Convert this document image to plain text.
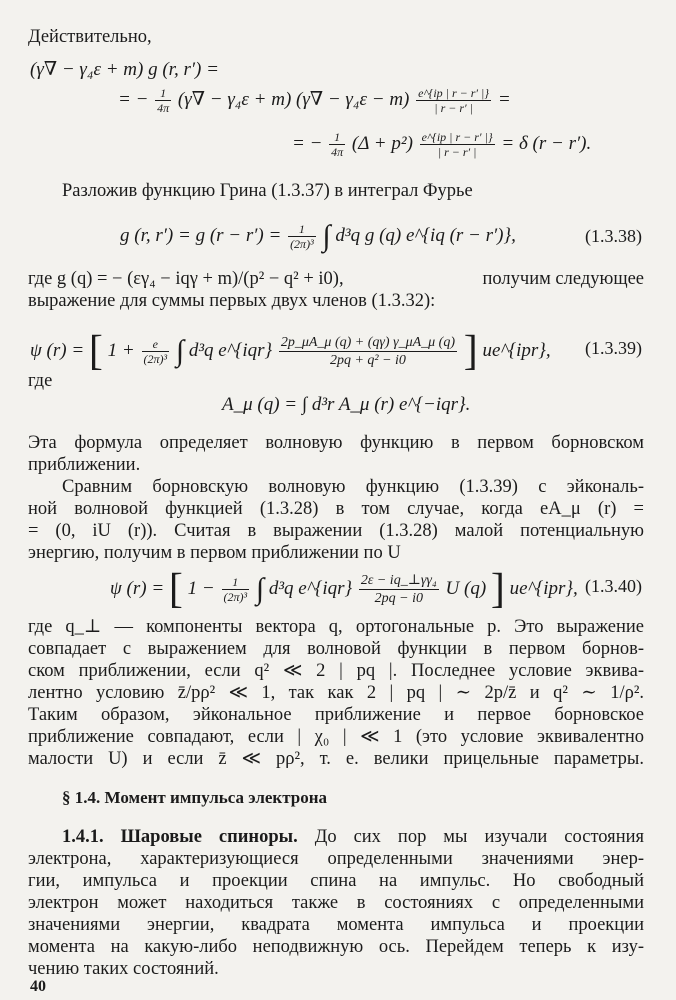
Действительно,
(γ∇ − γ₄ε + m) g (r, r′) =
= − $\frac{1}{4\pi} (\gamma\nabla - \gamma_4\varepsilon + m) (\gamma\nabla - \gamma_4\varepsilon - m) \frac{e\^{}\{ip | r - r' |\}}{| r - r' |}$ =
= − $\frac{1}{4\pi} (\Delta + p^2) \frac{e\^{}\{ip | r - r' |\}}{| r - r' |} = \delta$ (r − r′).
Разложив функцию Грина (1.3.37) в интеграл Фурье
g (r, r′) = g $(r - r') = \frac{1}{\text{(2π)³}}$ ∫ d³q g (q) e^{iq (r − r′)},	(1.3.38)
где g (q) = − (εγ₄ − iqγ + m)/(p² − q² + i0),	получим следующее
выражение для суммы первых двух членов (1.3.32):
ψ (r) = [ $1 + \frac{e}{\text{(2π)³}}$ ∫ d³q e^{iqr} $\frac{2p\_\mu A\_\mu (q) + (q\gamma) \gamma\_\mu A\_\mu (q)}{\text{2pq + q² − i0}}$ ] ue^{ipr}, (1.3.39)
где
A_μ (q) = ∫ d³r A_μ (r) e^{−iqr}.
Эта формула определяет волновую функцию в первом борновском
приближении.
Сравним борновскую волновую функцию (1.3.39) с эйкональ-
ной волновой функцией (1.3.28) в том случае, когда eA_μ (r) =
= (0, iU (r)). Считая в выражении (1.3.28) малой потенциальную
энергию, получим в первом приближении по U
ψ (r) = [ $1 - \frac{1}{\text{(2π)³}}$ ∫ d³q e^{iqr} $\frac{\text{2ε − iq\_⊥γγ₄}}{2pq - i0}$ U (q) ] ue^{ipr}, (1.3.40)
где q_⊥ — компоненты вектора q, ортогональные p. Это выражение
совпадает с выражением для волновой функции в первом борнов-
ском приближении, если q² ≪ 2 | pq |. Последнее условие эквива-
лентно условию z̄/pρ² ≪ 1, так как 2 | pq | ∼ 2p/z̄ и q² ∼ 1/ρ².
Таким образом, эйкональное приближение и первое борновское
приближение совпадают, если | χ₀ | ≪ 1 (это условие эквивалентно
малости U) и если z̄ ≪ pρ², т. е. велики прицельные параметры.
§ 1.4. Момент импульса электрона
1.4.1. Шаровые спиноры. До сих пор мы изучали состояния
электрона, характеризующиеся определенными значениями энер-
гии, импульса и проекции спина на импульс. Но свободный
электрон может находиться также в состояниях с определенными
значениями энергии, квадрата момента импульса и проекции
момента на какую-либо неподвижную ось. Перейдем теперь к изу-
чению таких состояний.
40
